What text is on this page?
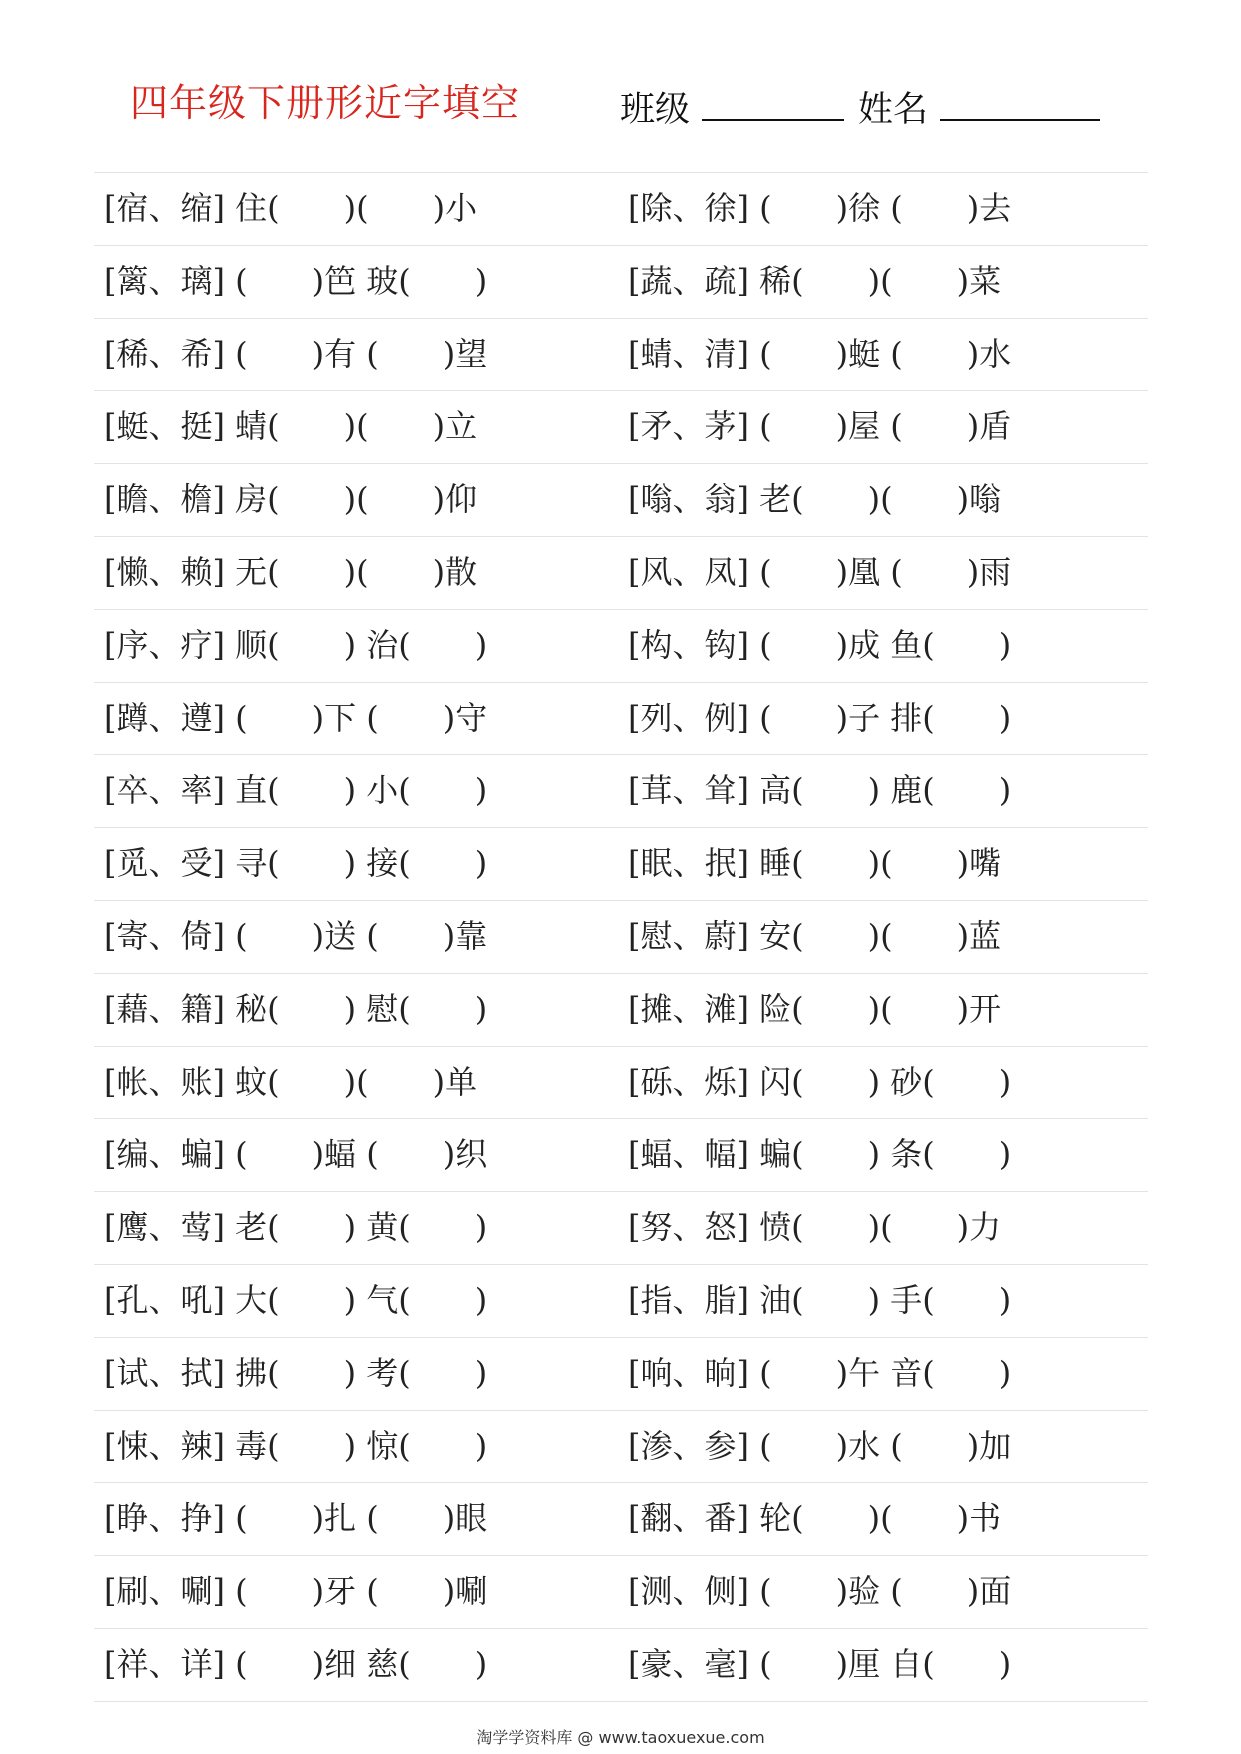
四年级下册形近字填空	班级	姓名
[宿、缩] 住(　　)(　　)小	[除、徐] (　　)徐 (　　)去
[篱、璃] (　　)笆 玻(　　)	[蔬、疏] 稀(　　)(　　)菜
[稀、希] (　　)有 (　　)望	[蜻、清] (　　)蜓 (　　)水
[蜓、挺] 蜻(　　)(　　)立	[矛、茅] (　　)屋 (　　)盾
[瞻、檐] 房(　　)(　　)仰	[嗡、翁] 老(　　)(　　)嗡
[懒、赖] 无(　　)(　　)散	[风、凤] (　　)凰 (　　)雨
[序、疗] 顺(　　) 治(　　)	[构、钩] (　　)成 鱼(　　)
[蹲、遵] (　　)下 (　　)守	[列、例] (　　)子 排(　　)
[卒、率] 直(　　) 小(　　)	[茸、耸] 高(　　) 鹿(　　)
[觅、受] 寻(　　) 接(　　)	[眠、抿] 睡(　　)(　　)嘴
[寄、倚] (　　)送 (　　)靠	[慰、蔚] 安(　　)(　　)蓝
[藉、籍] 秘(　　) 慰(　　)	[摊、滩] 险(　　)(　　)开
[帐、账] 蚊(　　)(　　)单	[砾、烁] 闪(　　) 砂(　　)
[编、蝙] (　　)蝠 (　　)织	[蝠、幅] 蝙(　　) 条(　　)
[鹰、莺] 老(　　) 黄(　　)	[努、怒] 愤(　　)(　　)力
[孔、吼] 大(　　) 气(　　)	[指、脂] 油(　　) 手(　　)
[试、拭] 拂(　　) 考(　　)	[响、晌] (　　)午 音(　　)
[悚、辣] 毒(　　) 惊(　　)	[渗、参] (　　)水 (　　)加
[睁、挣] (　　)扎 (　　)眼	[翻、番] 轮(　　)(　　)书
[刷、唰] (　　)牙 (　　)唰	[测、侧] (　　)验 (　　)面
[祥、详] (　　)细 慈(　　)	[豪、毫] (　　)厘 自(　　)
淘学学资料库 @ www.taoxuexue.com
